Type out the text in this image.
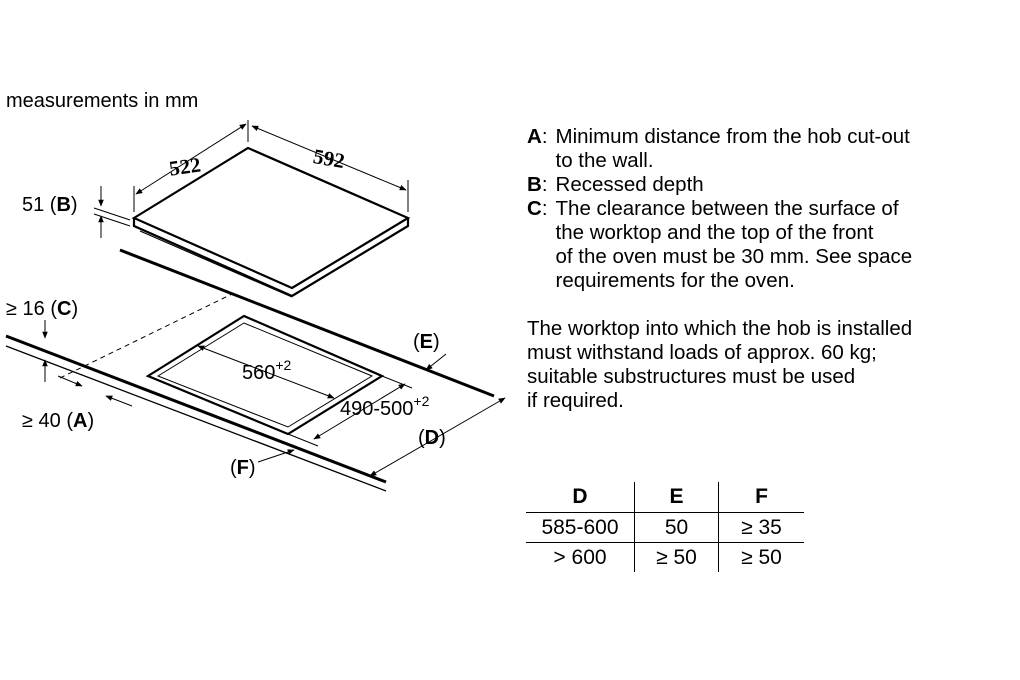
522	592
51 (B)
$560^{+2}$
$490-500^{+2}$
(D)
(E)
(F)
≥ 16 (C)
≥ 40 (A)
measurements in mm
A : Minimum distance from the hob cut-out
to the wall.
B : Recessed depth
C : The clearance between the surface of
the worktop and the top of the front
of the oven must be 30 mm. See space
requirements for the oven.
The worktop into which the hob is installed
must withstand loads of approx. 60 kg;
suitable substructures must be used
if required.
D	E	F
585-600	50	≥ 35
> 600	≥ 50	≥ 50
